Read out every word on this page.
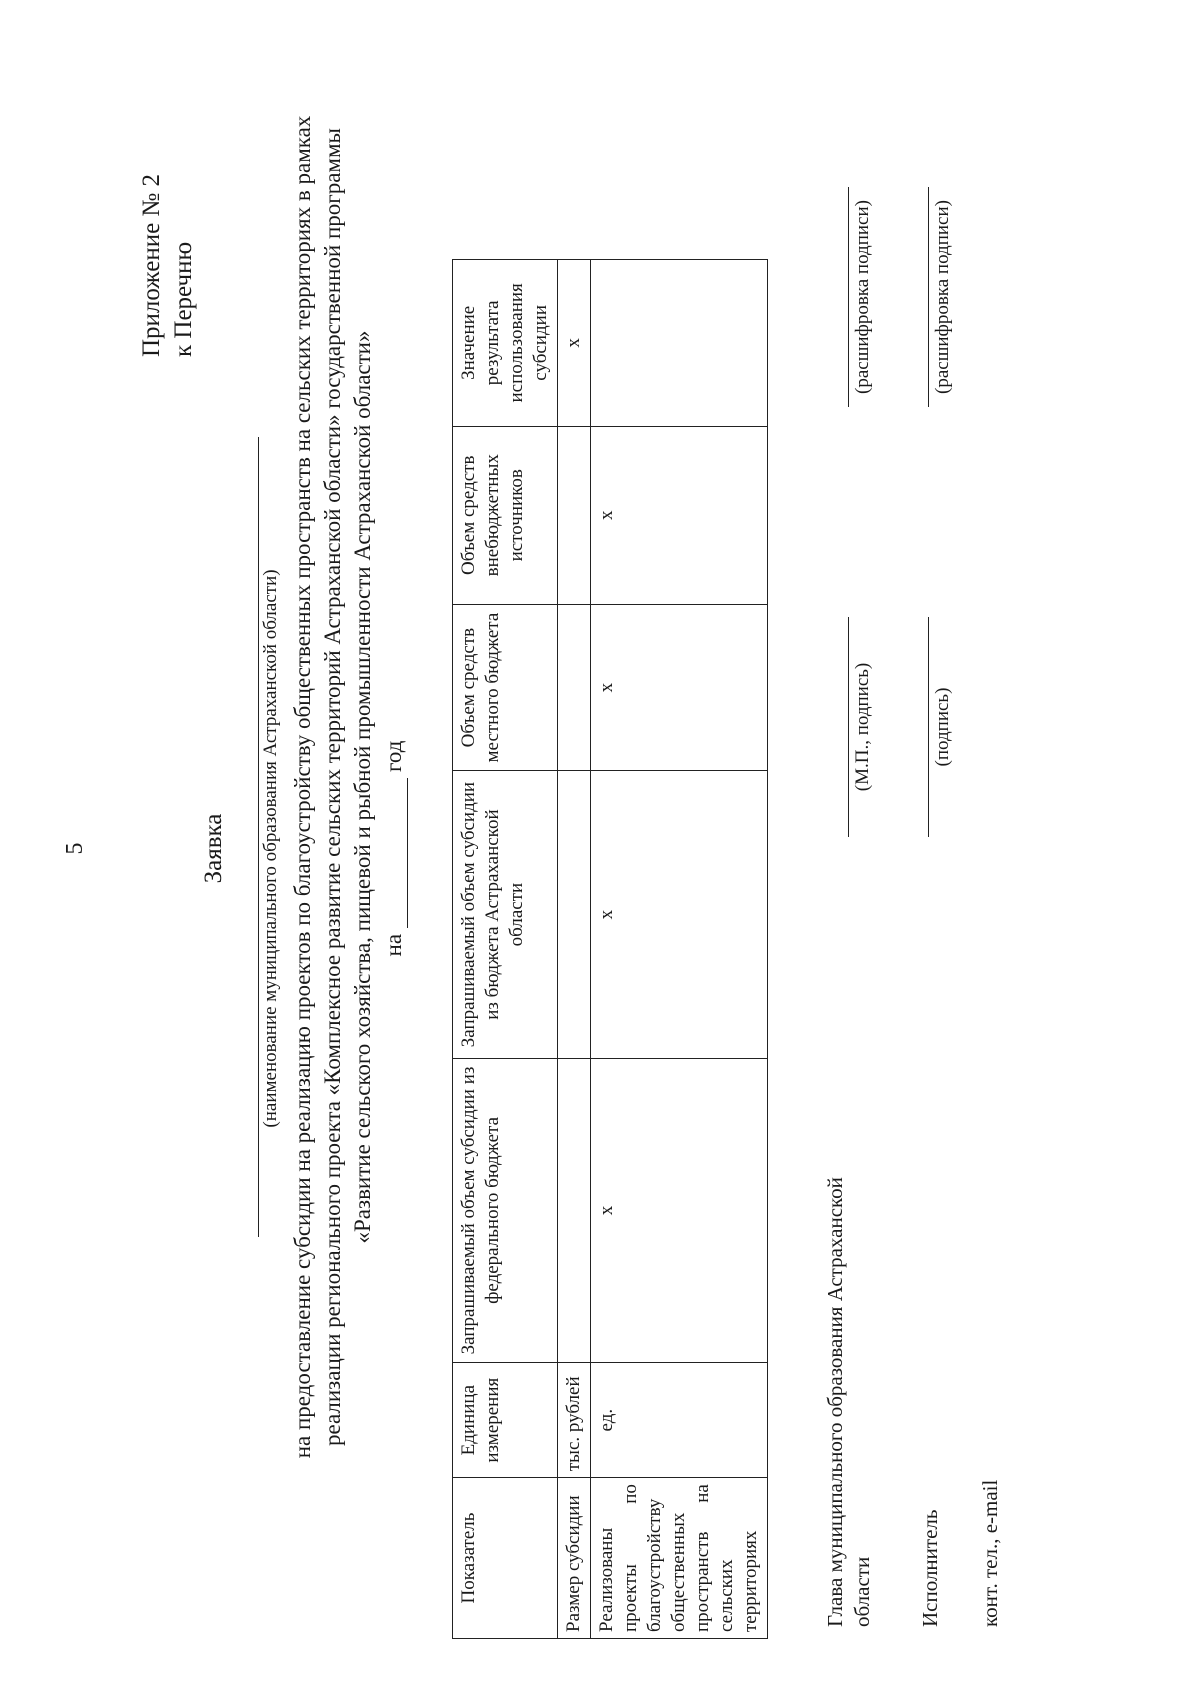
5
Приложение № 2 к Перечню
Заявка (наименование муниципального образования Астраханской области) на предоставление субсидии на реализацию проектов по благоустройству общественных пространств на сельских территориях в рамках реализации регионального проекта «Комплексное развитие сельских территорий Астраханской области» государственной программы «Развитие сельского хозяйства, пищевой и рыбной промышленности Астраханской области» нагод
Показатель	Единица измерения	Запрашиваемый объем субсидии из федерального бюджета	Запрашиваемый объем субсидии из бюджета Астраханской области	Объем средств местного бюджета	Объем средств внебюджетных источников	Значение результата использования субсидии
Размер субсидии	тыс. рублей					x
Реализованы проекты по благоустройству общественных пространств на сельских территориях	ед.	x	x	x	x	
Глава муниципального образования Астраханской области
(М.П., подпись)
(расшифровка подписи)
Исполнитель
(подпись)
(расшифровка подписи)
конт. тел., e-mail
